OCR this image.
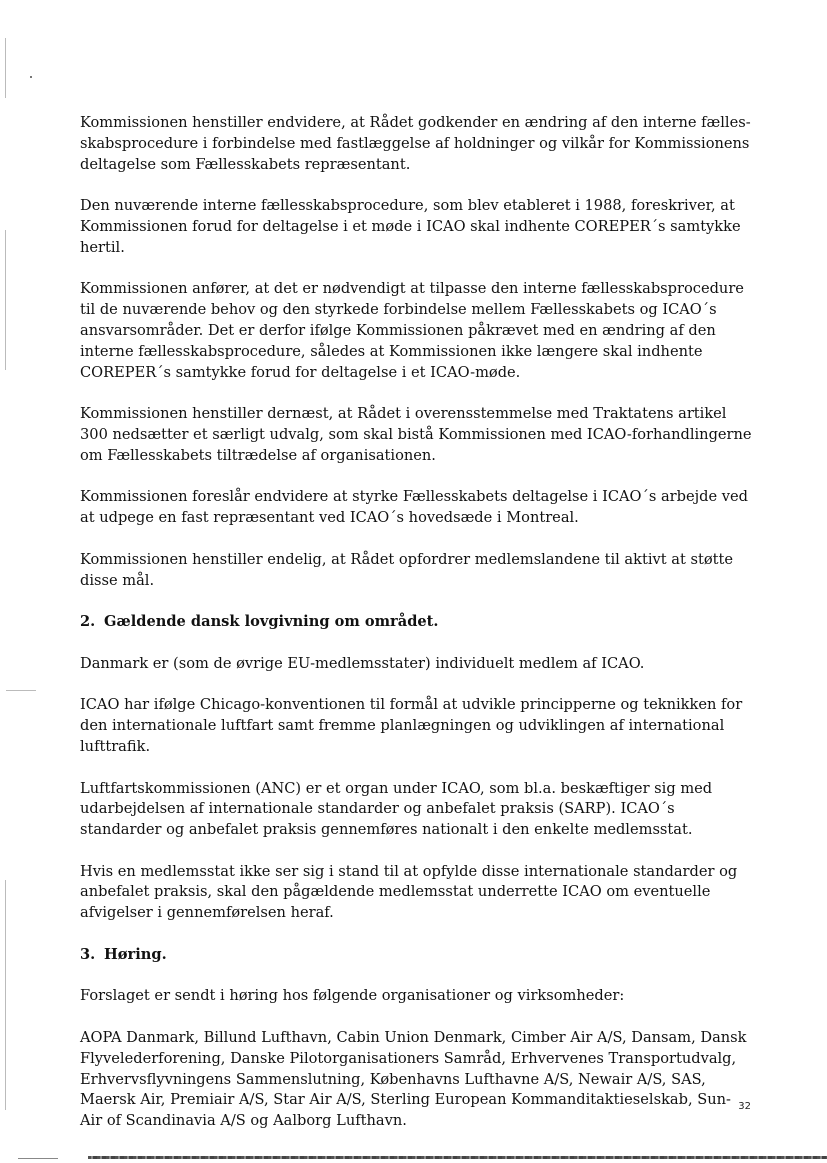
Kommissionen henstiller endvidere, at Rådet godkender en ændring af den interne fællesskabsprocedure i forbindelse med fastlæggelse af holdninger og vilkår for Kommissionens deltagelse som Fællesskabets repræsentant.

Den nuværende interne fællesskabsprocedure, som blev etableret i 1988, foreskriver, at Kommissionen forud for deltagelse i et møde i ICAO skal indhente COREPER´s samtykke hertil.

Kommissionen anfører, at det er nødvendigt at tilpasse den interne fællesskabsprocedure til de nuværende behov og den styrkede forbindelse mellem Fællesskabets og ICAO´s ansvarsområder. Det er derfor ifølge Kommissionen påkrævet med en ændring af den interne fællesskabsprocedure, således at Kommissionen ikke længere skal indhente COREPER´s samtykke forud for deltagelse i et ICAO-møde.

Kommissionen henstiller dernæst, at Rådet i overensstemmelse med Traktatens artikel 300 nedsætter et særligt udvalg, som skal bistå Kommissionen med ICAO-forhandlingerne om Fællesskabets tiltrædelse af organisationen.

Kommissionen foreslår endvidere at styrke Fællesskabets deltagelse i ICAO´s arbejde ved at udpege en fast repræsentant ved ICAO´s hovedsæde i Montreal.

Kommissionen henstiller endelig, at Rådet opfordrer medlemslandene til aktivt at støtte disse mål.

2. Gældende dansk lovgivning om området.

Danmark er (som de øvrige EU-medlemsstater) individuelt medlem af ICAO.

ICAO har ifølge Chicago-konventionen til formål at udvikle principperne og teknikken for den internationale luftfart samt fremme planlægningen og udviklingen af international lufttrafik.

Luftfartskommissionen (ANC) er et organ under ICAO, som bl.a. beskæftiger sig med udarbejdelsen af internationale standarder og anbefalet praksis (SARP). ICAO´s standarder og anbefalet praksis gennemføres nationalt i den enkelte medlemsstat.

Hvis en medlemsstat ikke ser sig i stand til at opfylde disse internationale standarder og anbefalet praksis, skal den pågældende medlemsstat underrette ICAO om eventuelle afvigelser i gennemførelsen heraf.

3. Høring.

Forslaget er sendt i høring hos følgende organisationer og virksomheder:

AOPA Danmark, Billund Lufthavn, Cabin Union Denmark, Cimber Air A/S, Dansam, Dansk Flyvelederforening, Danske Pilotorganisationers Samråd, Erhvervenes Transportudvalg, Erhvervsflyvningens Sammenslutning, Københavns Lufthavne A/S, Newair A/S, SAS, Maersk Air, Premiair A/S, Star Air A/S, Sterling European Kommanditaktieselskab, Sun-Air of Scandinavia A/S og Aalborg Lufthavn.

32
